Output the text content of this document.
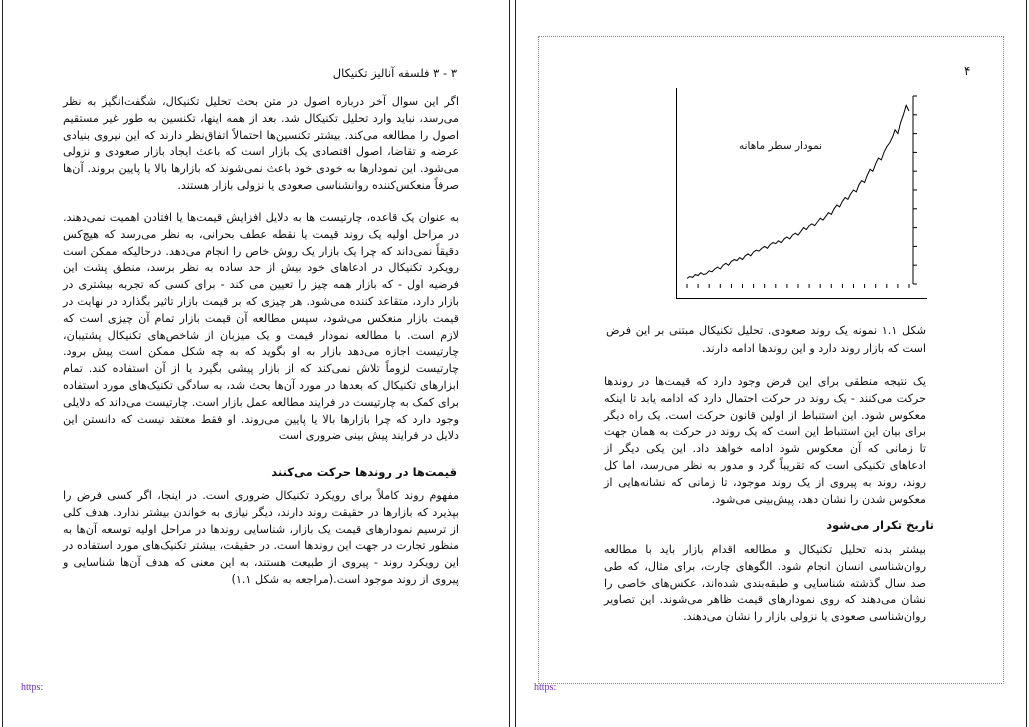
٣ - ٣ فلسفه آنالیز تکنیکال

اگر این سوال آخر درباره اصول در متن بحث تحلیل تکنیکال، شگفت‌انگیز به نظر می‌رسد، نباید وارد تحلیل تکنیکال شد. بعد از همه اینها، تکنسین به طور غیر مستقیم اصول را مطالعه می‌کند. بیشتر تکنسین‌ها احتمالاً اتفاق‌نظر دارند که این نیروی بنیادی عرضه و تقاضا، اصول اقتصادی یک بازار است که باعث ایجاد بازار صعودی و نزولی می‌شود. این نمودارها به خودی خود باعث نمی‌شوند که بازارها بالا یا پایین بروند. آن‌ها صرفاً منعکس‌کننده روانشناسی صعودی یا نزولی بازار هستند.

به عنوان یک قاعده، چارتیست ها به دلایل افزایش قیمت‌ها یا افتادن اهمیت نمی‌دهند. در مراحل اولیه یک روند قیمت یا نقطه عطف بحرانی، به نظر می‌رسد که هیچ‌کس دقیقاً نمی‌داند که چرا یک بازار یک روش خاص را انجام می‌دهد. درحالیکه ممکن است رویکرد تکنیکال در ادعاهای خود بیش از حد ساده به نظر برسد، منطق پشت این فرضیه اول - که بازار همه چیز را تعیین می کند - برای کسی که تجربه بیشتری در بازار دارد، متقاعد کننده می‌شود. هر چیزی که بر قیمت بازار تاثیر بگذارد در نهایت در قیمت بازار منعکس می‌شود، سپس مطالعه آن قیمت بازار تمام آن چیزی است که لازم است. با مطالعه نمودار قیمت و یک میزبان از شاخص‌های تکنیکال پشتیبان، چارتیست اجازه می‌دهد بازار به او بگوید که به چه شکل ممکن است پیش برود. چارتیست لزوماً تلاش نمی‌کند که از بازار پیشی بگیرد یا از آن استفاده کند. تمام ابزارهای تکنیکال که بعدها در مورد آن‌ها بحث شد، به سادگی تکنیک‌های مورد استفاده برای کمک به چارتیست در فرایند مطالعه عمل بازار است. چارتیست می‌داند که دلایلی وجود دارد که چرا بازارها بالا یا پایین می‌روند. او فقط معتقد نیست که دانستن این دلایل در فرایند پیش بینی ضروری است

قیمت‌ها در روندها حرکت می‌کنند

مفهوم روند کاملاً برای رویکرد تکنیکال ضروری است. در اینجا، اگر کسی فرض را بپذیرد که بازارها در حقیقت روند دارند، دیگر نیازی به خواندن بیشتر ندارد. هدف کلی از ترسیم نمودارهای قیمت یک بازار، شناسایی روندها در مراحل اولیه توسعه آن‌ها به منظور تجارت در جهت این روندها است. در حقیقت، بیشتر تکنیک‌های مورد استفاده در این رویکرد روند - پیروی از طبیعت هستند، به این معنی که هدف آن‌ها شناسایی و پیروی از روند موجود است.(مراجعه به شکل ۱.۱)

https:
۴
نمودار سطر ماهانه

شکل ۱.۱ نمونه یک روند صعودی. تحلیل تکنیکال مبتنی بر این فرض است که بازار روند دارد و این روندها ادامه دارند.

یک نتیجه منطقی برای این فرض وجود دارد که قیمت‌ها در روندها حرکت می‌کنند - یک روند در حرکت احتمال دارد که ادامه یابد تا اینکه معکوس شود. این استنباط از اولین قانون حرکت است. یک راه دیگر برای بیان این استنباط این است که یک روند در حرکت به همان جهت تا زمانی که آن معکوس شود ادامه خواهد داد. این یکی دیگر از ادعاهای تکنیکی است که تقریباً گرد و مدور به نظر می‌رسد، اما کل روند، روند به پیروی از یک روند موجود، تا زمانی که نشانه‌هایی از معکوس شدن را نشان دهد، پیش‌بینی می‌شود.

تاریخ تکرار می‌شود

بیشتر بدنه تحلیل تکنیکال و مطالعه اقدام بازار باید با مطالعه روان‌شناسی انسان انجام شود. الگوهای چارت، برای مثال، که طی صد سال گذشته شناسایی و طبقه‌بندی شده‌اند، عکس‌های خاصی را نشان می‌دهند که روی نمودارهای قیمت ظاهر می‌شوند. این تصاویر روان‌شناسی صعودی یا نزولی بازار را نشان می‌دهند.

https:
